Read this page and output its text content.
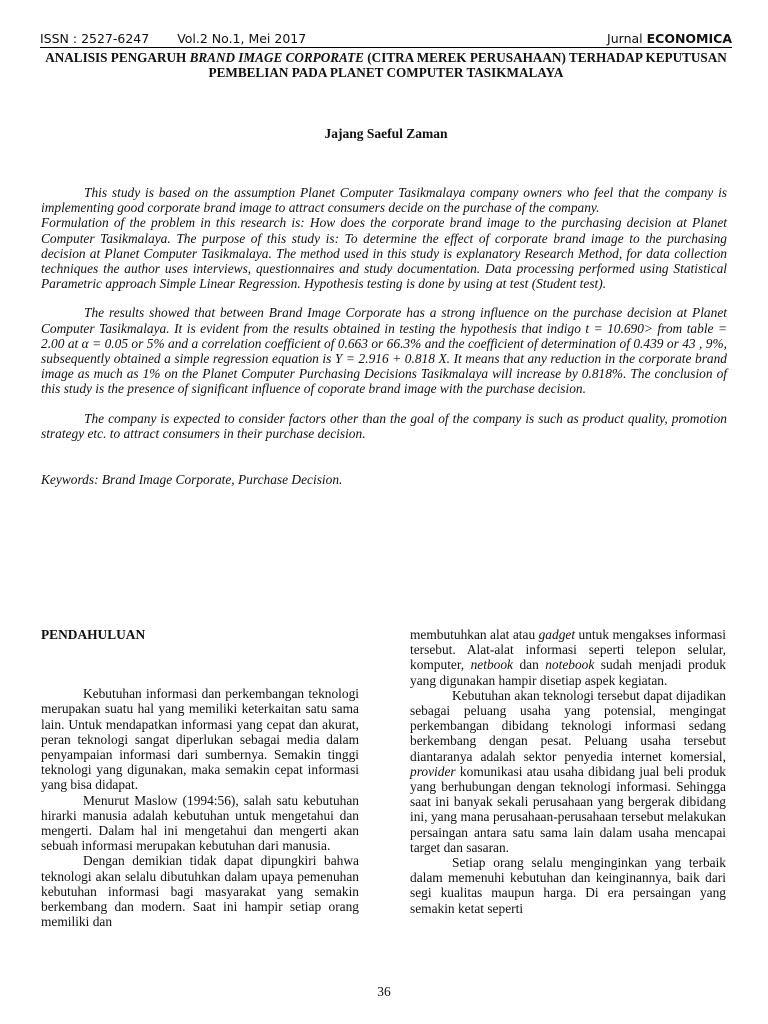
ISSN : 2527-6247 Vol.2 No.1, Mei 2017	Jurnal ECONOMICA
ANALISIS PENGARUH BRAND IMAGE CORPORATE (CITRA MEREK PERUSAHAAN) TERHADAP KEPUTUSAN PEMBELIAN PADA PLANET COMPUTER TASIKMALAYA
Jajang Saeful Zaman

This study is based on the assumption Planet Computer Tasikmalaya company owners who feel that the company is implementing good corporate brand image to attract consumers decide on the purchase of the company.

Formulation of the problem in this research is: How does the corporate brand image to the purchasing decision at Planet Computer Tasikmalaya. The purpose of this study is: To determine the effect of corporate brand image to the purchasing decision at Planet Computer Tasikmalaya. The method used in this study is explanatory Research Method, for data collection techniques the author uses interviews, questionnaires and study documentation. Data processing performed using Statistical Parametric approach Simple Linear Regression. Hypothesis testing is done by using at test (Student test).

The results showed that between Brand Image Corporate has a strong influence on the purchase decision at Planet Computer Tasikmalaya. It is evident from the results obtained in testing the hypothesis that indigo t = 10.690> from table = 2.00 at α = 0.05 or 5% and a correlation coefficient of 0.663 or 66.3% and the coefficient of determination of 0.439 or 43 , 9%, subsequently obtained a simple regression equation is Y = 2.916 + 0.818 X. It means that any reduction in the corporate brand image as much as 1% on the Planet Computer Purchasing Decisions Tasikmalaya will increase by 0.818%. The conclusion of this study is the presence of significant influence of coporate brand image with the purchase decision.

The company is expected to consider factors other than the goal of the company is such as product quality, promotion strategy etc. to attract consumers in their purchase decision.

Keywords: Brand Image Corporate, Purchase Decision.

PENDAHULUAN

Kebutuhan informasi dan perkembangan teknologi merupakan suatu hal yang memiliki keterkaitan satu sama lain. Untuk mendapatkan informasi yang cepat dan akurat, peran teknologi sangat diperlukan sebagai media dalam penyampaian informasi dari sumbernya. Semakin tinggi teknologi yang digunakan, maka semakin cepat informasi yang bisa didapat.

Menurut Maslow (1994:56), salah satu kebutuhan hirarki manusia adalah kebutuhan untuk mengetahui dan mengerti. Dalam hal ini mengetahui dan mengerti akan sebuah informasi merupakan kebutuhan dari manusia.

Dengan demikian tidak dapat dipungkiri bahwa teknologi akan selalu dibutuhkan dalam upaya pemenuhan kebutuhan informasi bagi masyarakat yang semakin berkembang dan modern. Saat ini hampir setiap orang memiliki dan

membutuhkan alat atau gadget untuk mengakses informasi tersebut. Alat-alat informasi seperti telepon selular, komputer, netbook dan notebook sudah menjadi produk yang digunakan hampir disetiap aspek kegiatan.

Kebutuhan akan teknologi tersebut dapat dijadikan sebagai peluang usaha yang potensial, mengingat perkembangan dibidang teknologi informasi sedang berkembang dengan pesat. Peluang usaha tersebut diantaranya adalah sektor penyedia internet komersial, provider komunikasi atau usaha dibidang jual beli produk yang berhubungan dengan teknologi informasi. Sehingga saat ini banyak sekali perusahaan yang bergerak dibidang ini, yang mana perusahaan-perusahaan tersebut melakukan persaingan antara satu sama lain dalam usaha mencapai target dan sasaran.

Setiap orang selalu menginginkan yang terbaik dalam memenuhi kebutuhan dan keinginannya, baik dari segi kualitas maupun harga. Di era persaingan yang semakin ketat seperti

36
